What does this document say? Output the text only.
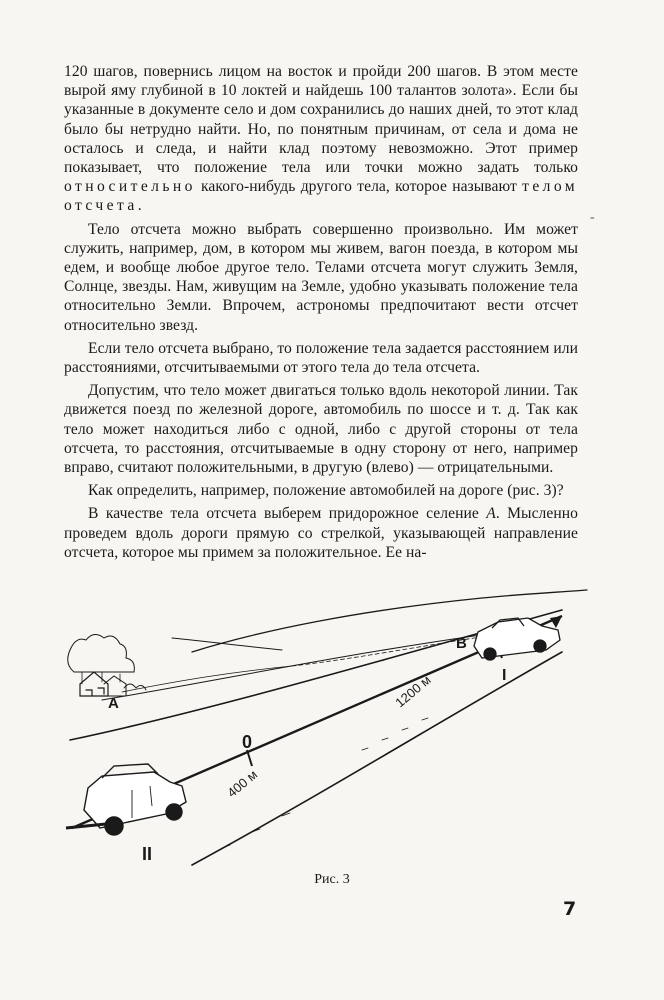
120 шагов, повернись лицом на восток и пройди 200 шагов. В этом месте вырой яму глубиной в 10 локтей и найдешь 100 талантов золота». Если бы указанные в документе село и дом сохранились до наших дней, то этот клад было бы нетрудно найти. Но, по понятным причинам, от села и дома не осталось и следа, и найти клад поэтому невозможно. Этот пример показывает, что положение тела или точки можно задать только относительно какого-нибудь другого тела, которое называют телом отсчета.

Тело отсчета можно выбрать совершенно произвольно. Им может служить, например, дом, в котором мы живем, вагон поезда, в котором мы едем, и вообще любое другое тело. Телами отсчета могут служить Земля, Солнце, звезды. Нам, живущим на Земле, удобно указывать положение тела относительно Земли. Впрочем, астрономы предпочитают вести отсчет относительно звезд.

Если тело отсчета выбрано, то положение тела задается расстоянием или расстояниями, отсчитываемыми от этого тела до тела отсчета.

Допустим, что тело может двигаться только вдоль некоторой линии. Так движется поезд по железной дороге, автомобиль по шоссе и т. д. Так как тело может находиться либо с одной, либо с другой стороны от тела отсчета, то расстояния, отсчитываемые в одну сторону от него, например вправо, считают положительными, в другую (влево) — отрицательными.

Как определить, например, положение автомобилей на дороге (рис. 3)?

В качестве тела отсчета выберем придорожное селение А. Мысленно проведем вдоль дороги прямую со стрелкой, указывающей направление отсчета, которое мы примем за положительное. Ее на-

-
A
B
0
I
II
400 м
1200 м
Рис. 3
7
